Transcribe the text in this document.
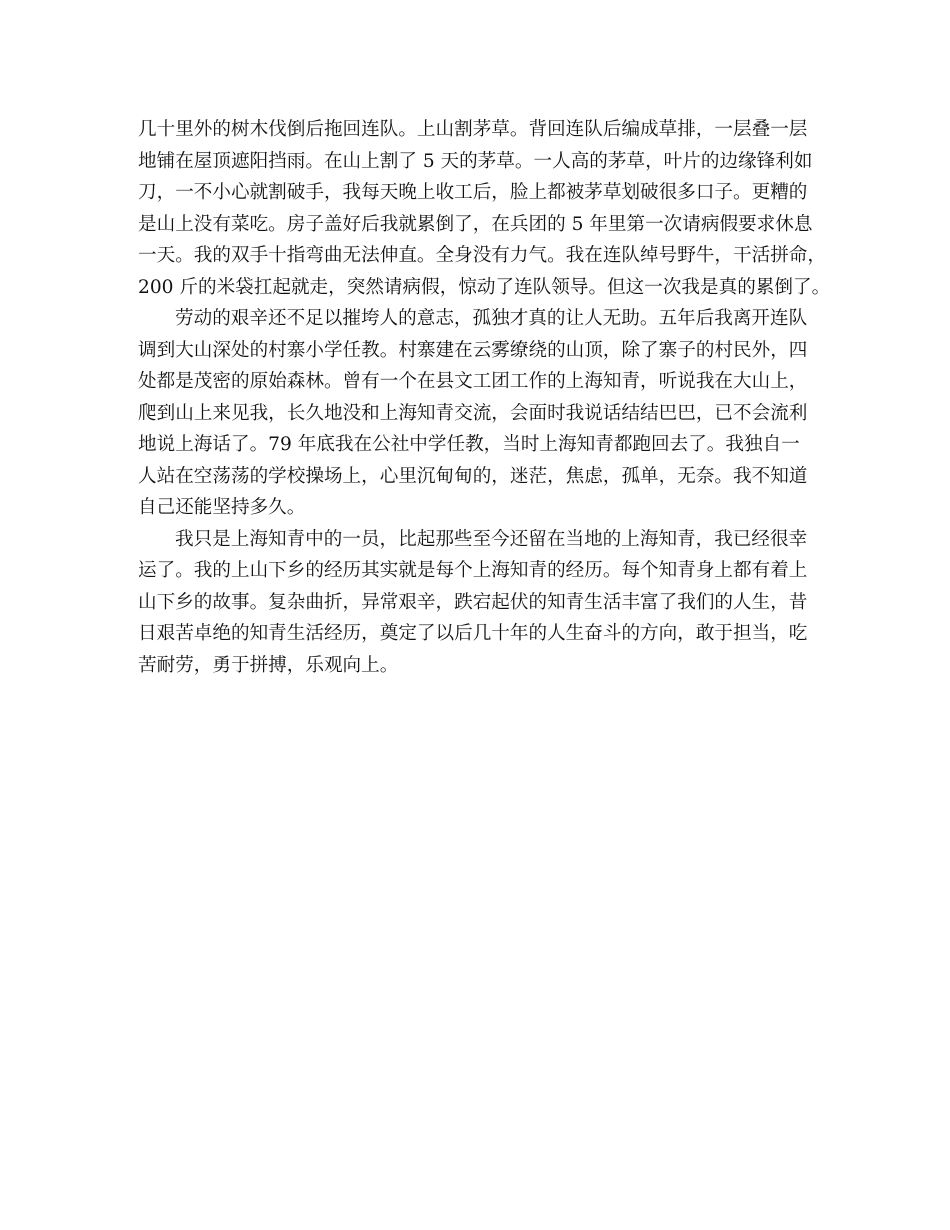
几十里外的树木伐倒后拖回连队。上山割茅草。背回连队后编成草排，一层叠一层
地铺在屋顶遮阳挡雨。在山上割了 5 天的茅草。一人高的茅草，叶片的边缘锋利如
刀，一不小心就割破手，我每天晚上收工后，脸上都被茅草划破很多口子。更糟的
是山上没有菜吃。房子盖好后我就累倒了，在兵团的 5 年里第一次请病假要求休息
一天。我的双手十指弯曲无法伸直。全身没有力气。我在连队绰号野牛，干活拼命，
200 斤的米袋扛起就走，突然请病假，惊动了连队领导。但这一次我是真的累倒了。
劳动的艰辛还不足以摧垮人的意志，孤独才真的让人无助。五年后我离开连队
调到大山深处的村寨小学任教。村寨建在云雾缭绕的山顶，除了寨子的村民外，四
处都是茂密的原始森林。曾有一个在县文工团工作的上海知青，听说我在大山上，
爬到山上来见我，长久地没和上海知青交流，会面时我说话结结巴巴，已不会流利
地说上海话了。79 年底我在公社中学任教，当时上海知青都跑回去了。我独自一
人站在空荡荡的学校操场上，心里沉甸甸的，迷茫，焦虑，孤单，无奈。我不知道
自己还能坚持多久。
我只是上海知青中的一员，比起那些至今还留在当地的上海知青，我已经很幸
运了。我的上山下乡的经历其实就是每个上海知青的经历。每个知青身上都有着上
山下乡的故事。复杂曲折，异常艰辛，跌宕起伏的知青生活丰富了我们的人生，昔
日艰苦卓绝的知青生活经历，奠定了以后几十年的人生奋斗的方向，敢于担当，吃
苦耐劳，勇于拼搏，乐观向上。
